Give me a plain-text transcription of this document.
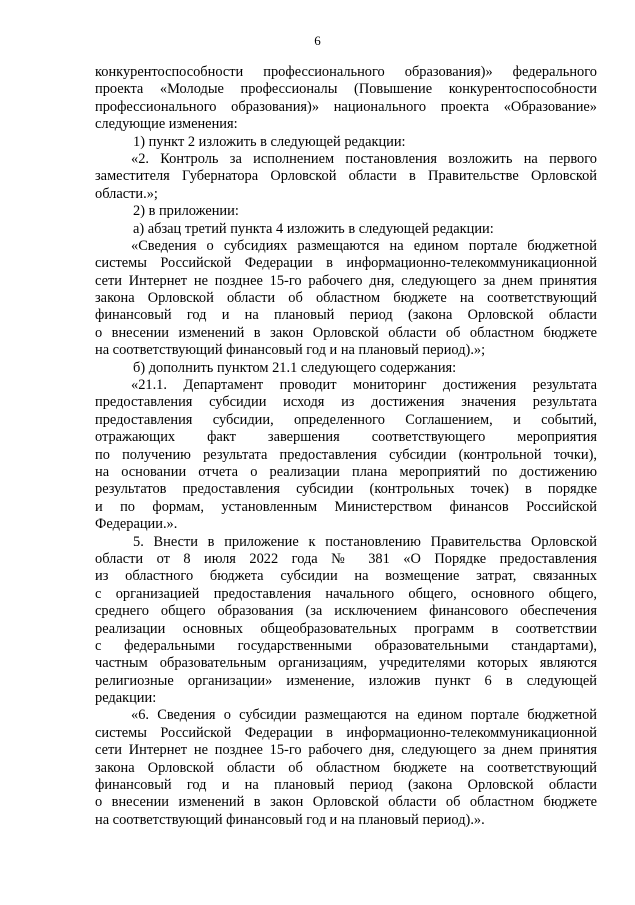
6
конкурентоспособности профессионального образования)» федерального
проекта «Молодые профессионалы (Повышение конкурентоспособности
профессионального образования)» национального проекта «Образование»
следующие изменения:
1) пункт 2 изложить в следующей редакции:
«2. Контроль за исполнением постановления возложить на первого
заместителя Губернатора Орловской области в Правительстве Орловской
области.»;
2) в приложении:
а) абзац третий пункта 4 изложить в следующей редакции:
«Сведения о субсидиях размещаются на едином портале бюджетной
системы Российской Федерации в информационно-телекоммуникационной
сети Интернет не позднее 15-го рабочего дня, следующего за днем принятия
закона Орловской области об областном бюджете на соответствующий
финансовый год и на плановый период (закона Орловской области
о внесении изменений в закон Орловской области об областном бюджете
на соответствующий финансовый год и на плановый период).»;
б) дополнить пунктом 21.1 следующего содержания:
«21.1. Департамент проводит мониторинг достижения результата
предоставления субсидии исходя из достижения значения результата
предоставления субсидии, определенного Соглашением, и событий,
отражающих факт завершения соответствующего мероприятия
по получению результата предоставления субсидии (контрольной точки),
на основании отчета о реализации плана мероприятий по достижению
результатов предоставления субсидии (контрольных точек) в порядке
и по формам, установленным Министерством финансов Российской
Федерации.».
5. Внести в приложение к постановлению Правительства Орловской
области от 8 июля 2022 года № 381 «О Порядке предоставления
из областного бюджета субсидии на возмещение затрат, связанных
с организацией предоставления начального общего, основного общего,
среднего общего образования (за исключением финансового обеспечения
реализации основных общеобразовательных программ в соответствии
с федеральными государственными образовательными стандартами),
частным образовательным организациям, учредителями которых являются
религиозные организации» изменение, изложив пункт 6 в следующей
редакции:
«6. Сведения о субсидии размещаются на едином портале бюджетной
системы Российской Федерации в информационно-телекоммуникационной
сети Интернет не позднее 15-го рабочего дня, следующего за днем принятия
закона Орловской области об областном бюджете на соответствующий
финансовый год и на плановый период (закона Орловской области
о внесении изменений в закон Орловской области об областном бюджете
на соответствующий финансовый год и на плановый период).».
